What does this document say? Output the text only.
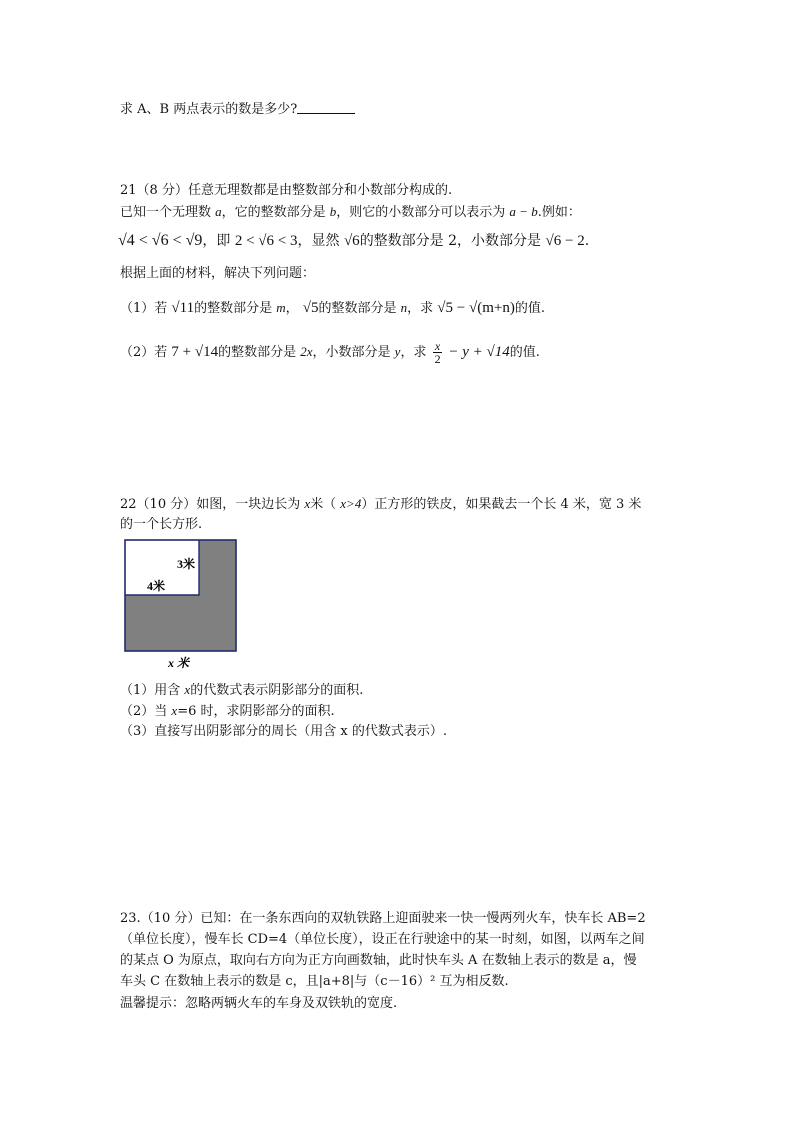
求 A、B 两点表示的数是多少?
21（8 分）任意无理数都是由整数部分和小数部分构成的.
已知一个无理数 a，它的整数部分是 b，则它的小数部分可以表示为 a − b.例如：
√4 < √6 < √9，即 2 < √6 < 3，显然 √6的整数部分是 2，小数部分是 √6 − 2.
根据上面的材料，解决下列问题：
（1）若 √11的整数部分是 m， √5的整数部分是 n，求 √5 − √(m+n)的值.
（2）若 7 + √14的整数部分是 2x，小数部分是 y，求 $\frac{x}{2} - y + √14$的值.
22（10 分）如图，一块边长为 x米（ x>4）正方形的铁皮，如果截去一个长 4 米，宽 3 米
的一个长方形.
3米
4米
x 米
（1）用含 x的代数式表示阴影部分的面积.
（2）当 x=6 时，求阴影部分的面积.
（3）直接写出阴影部分的周长（用含 x 的代数式表示）.
23.（10 分）已知：在一条东西向的双轨铁路上迎面驶来一快一慢两列火车，快车长 AB=2
（单位长度），慢车长 CD=4（单位长度），设正在行驶途中的某一时刻，如图，以两车之间
的某点 O 为原点，取向右方向为正方向画数轴，此时快车头 A 在数轴上表示的数是 a，慢
车头 C 在数轴上表示的数是 c，且|a+8|与（c－16）² 互为相反数.
温馨提示：忽略两辆火车的车身及双铁轨的宽度.
